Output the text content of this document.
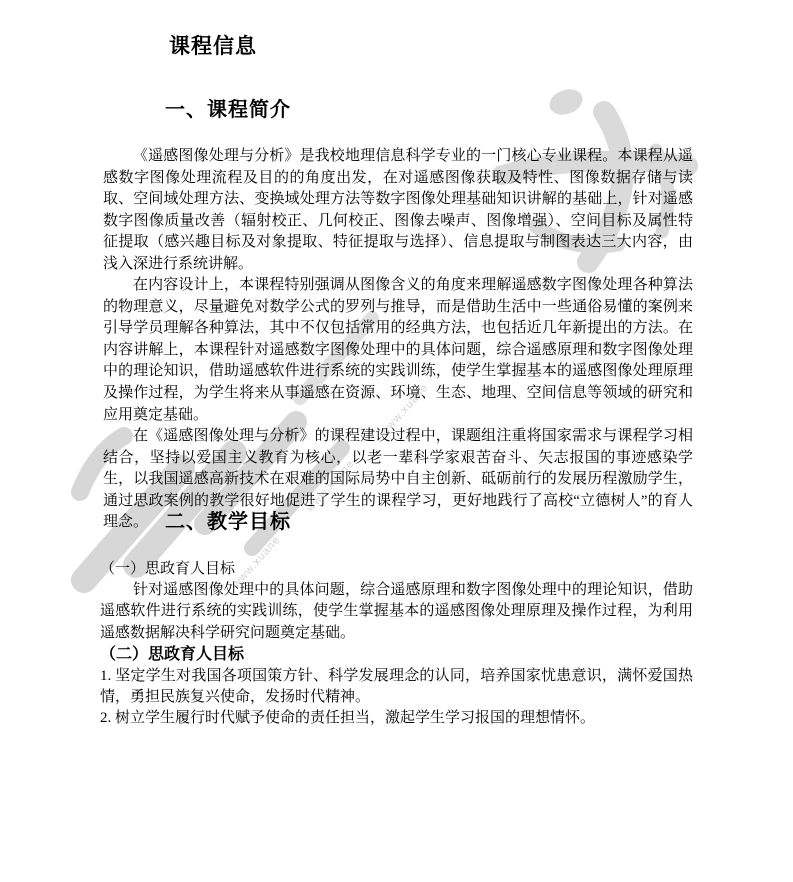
www.xuane
www.xuane
www.xuane
课程信息
一、课程简介

《遥感图像处理与分析》是我校地理信息科学专业的一门核心专业课程。本课程从遥感数字图像处理流程及目的的角度出发，在对遥感图像获取及特性、图像数据存储与读取、空间域处理方法、变换域处理方法等数字图像处理基础知识讲解的基础上，针对遥感数字图像质量改善（辐射校正、几何校正、图像去噪声、图像增强）、空间目标及属性特征提取（感兴趣目标及对象提取、特征提取与选择）、信息提取与制图表达三大内容，由浅入深进行系统讲解。

在内容设计上，本课程特别强调从图像含义的角度来理解遥感数字图像处理各种算法的物理意义，尽量避免对数学公式的罗列与推导，而是借助生活中一些通俗易懂的案例来引导学员理解各种算法，其中不仅包括常用的经典方法，也包括近几年新提出的方法。在内容讲解上，本课程针对遥感数字图像处理中的具体问题，综合遥感原理和数字图像处理中的理论知识，借助遥感软件进行系统的实践训练，使学生掌握基本的遥感图像处理原理及操作过程，为学生将来从事遥感在资源、环境、生态、地理、空间信息等领域的研究和应用奠定基础。

在《遥感图像处理与分析》的课程建设过程中，课题组注重将国家需求与课程学习相结合，坚持以爱国主义教育为核心，以老一辈科学家艰苦奋斗、矢志报国的事迹感染学生，以我国遥感高新技术在艰难的国际局势中自主创新、砥砺前行的发展历程激励学生，通过思政案例的教学很好地促进了学生的课程学习，更好地践行了高校“立德树人”的育人理念。 二、教学目标

（一）思政育人目标

针对遥感图像处理中的具体问题，综合遥感原理和数字图像处理中的理论知识，借助遥感软件进行系统的实践训练，使学生掌握基本的遥感图像处理原理及操作过程，为利用遥感数据解决科学研究问题奠定基础。

（二）思政育人目标

1. 坚定学生对我国各项国策方针、科学发展理念的认同，培养国家忧患意识，满怀爱国热情，勇担民族复兴使命，发扬时代精神。

2. 树立学生履行时代赋予使命的责任担当，激起学生学习报国的理想情怀。
